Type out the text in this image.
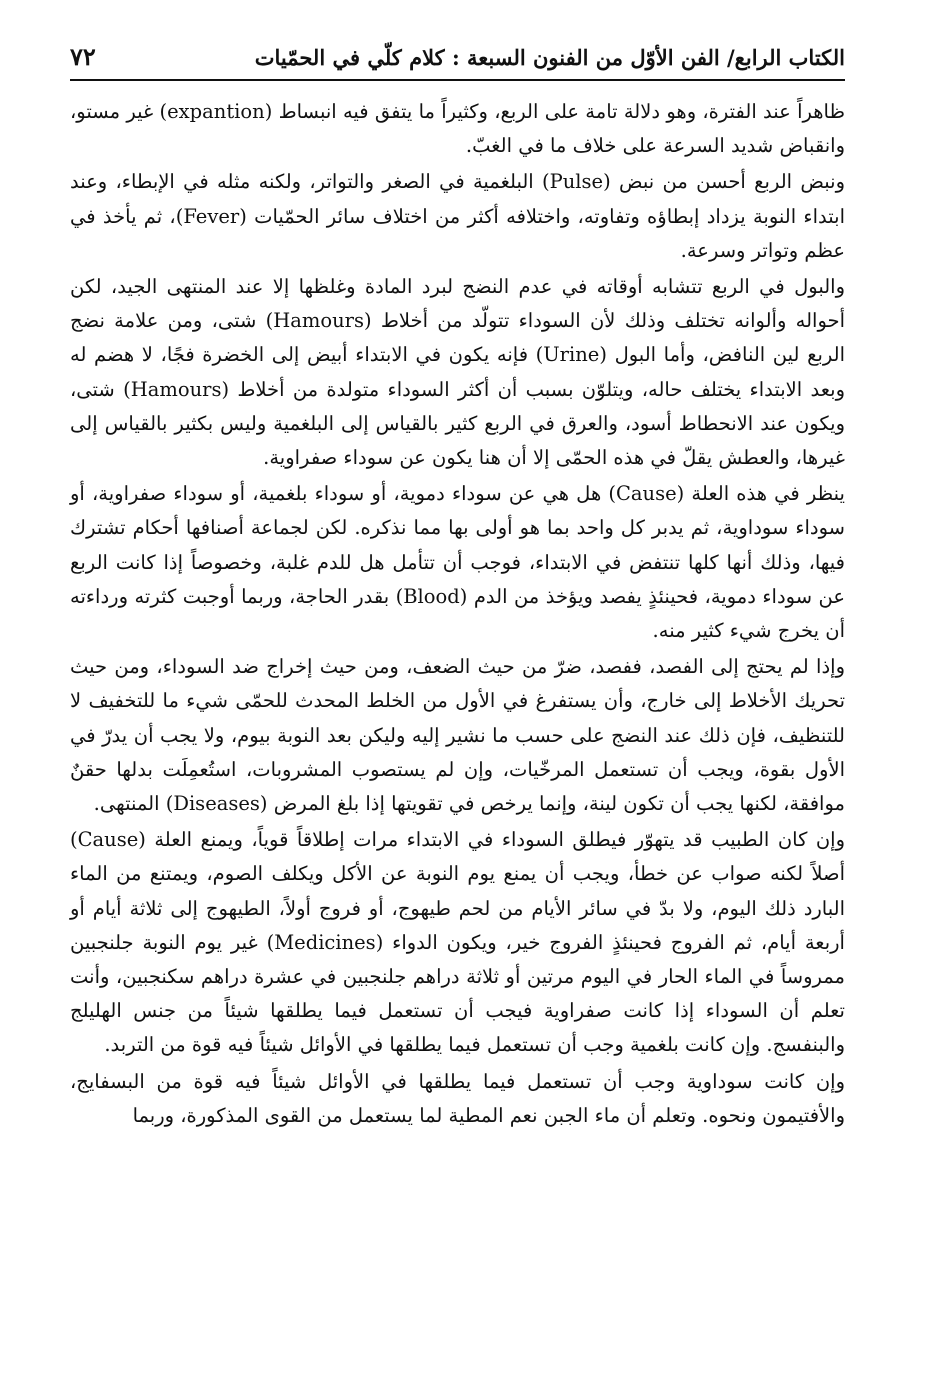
الكتاب الرابع/ الفن الأوّل من الفنون السبعة : كلام كلّي في الحمّيات
٧٢

ظاهراً عند الفترة، وهو دلالة تامة على الربع، وكثيراً ما يتفق فيه انبساط (expantion) غير مستو، وانقباض شديد السرعة على خلاف ما في الغبّ.

ونبض الربع أحسن من نبض (Pulse) البلغمية في الصغر والتواتر، ولكنه مثله في الإبطاء، وعند ابتداء النوبة يزداد إبطاؤه وتفاوته، واختلافه أكثر من اختلاف سائر الحمّيات (Fever)، ثم يأخذ في عظم وتواتر وسرعة.

والبول في الربع تتشابه أوقاته في عدم النضج لبرد المادة وغلظها إلا عند المنتهى الجيد، لكن أحواله وألوانه تختلف وذلك لأن السوداء تتولّد من أخلاط (Hamours) شتى، ومن علامة نضج الربع لين النافض، وأما البول (Urine) فإنه يكون في الابتداء أبيض إلى الخضرة فجًا، لا هضم له وبعد الابتداء يختلف حاله، ويتلوّن بسبب أن أكثر السوداء متولدة من أخلاط (Hamours) شتى، ويكون عند الانحطاط أسود، والعرق في الربع كثير بالقياس إلى البلغمية وليس بكثير بالقياس إلى غيرها، والعطش يقلّ في هذه الحمّى إلا أن هنا يكون عن سوداء صفراوية.

ينظر في هذه العلة (Cause) هل هي عن سوداء دموية، أو سوداء بلغمية، أو سوداء صفراوية، أو سوداء سوداوية، ثم يدبر كل واحد بما هو أولى بها مما نذكره. لكن لجماعة أصنافها أحكام تشترك فيها، وذلك أنها كلها تنتفض في الابتداء، فوجب أن تتأمل هل للدم غلبة، وخصوصاً إذا كانت الربع عن سوداء دموية، فحينئذٍ يفصد ويؤخذ من الدم (Blood) بقدر الحاجة، وربما أوجبت كثرته ورداءته أن يخرج شيء كثير منه.

وإذا لم يحتج إلى الفصد، ففصد، ضرّ من حيث الضعف، ومن حيث إخراج ضد السوداء، ومن حيث تحريك الأخلاط إلى خارج، وأن يستفرغ في الأول من الخلط المحدث للحمّى شيء ما للتخفيف لا للتنظيف، فإن ذلك عند النضج على حسب ما نشير إليه وليكن بعد النوبة بيوم، ولا يجب أن يدرّ في الأول بقوة، ويجب أن تستعمل المرخّيات، وإن لم يستصوب المشروبات، استُعمِلَت بدلها حقنٌ موافقة، لكنها يجب أن تكون لينة، وإنما يرخص في تقويتها إذا بلغ المرض (Diseases) المنتهى.

وإن كان الطبيب قد يتهوّر فيطلق السوداء في الابتداء مرات إطلاقاً قوياً، ويمنع العلة (Cause) أصلاً لكنه صواب عن خطأ، ويجب أن يمنع يوم النوبة عن الأكل ويكلف الصوم، ويمتنع من الماء البارد ذلك اليوم، ولا بدّ في سائر الأيام من لحم طيهوج، أو فروج أولاً، الطيهوج إلى ثلاثة أيام أو أربعة أيام، ثم الفروج فحينئذٍ الفروج خير، ويكون الدواء (Medicines) غير يوم النوبة جلنجبين ممروساً في الماء الحار في اليوم مرتين أو ثلاثة دراهم جلنجبين في عشرة دراهم سكنجبين، وأنت تعلم أن السوداء إذا كانت صفراوية فيجب أن تستعمل فيما يطلقها شيئاً من جنس الهليلج والبنفسج. وإن كانت بلغمية وجب أن تستعمل فيما يطلقها في الأوائل شيئاً فيه قوة من التربد.

وإن كانت سوداوية وجب أن تستعمل فيما يطلقها في الأوائل شيئاً فيه قوة من البسفايج، والأفتيمون ونحوه. وتعلم أن ماء الجبن نعم المطية لما يستعمل من القوى المذكورة، وربما
